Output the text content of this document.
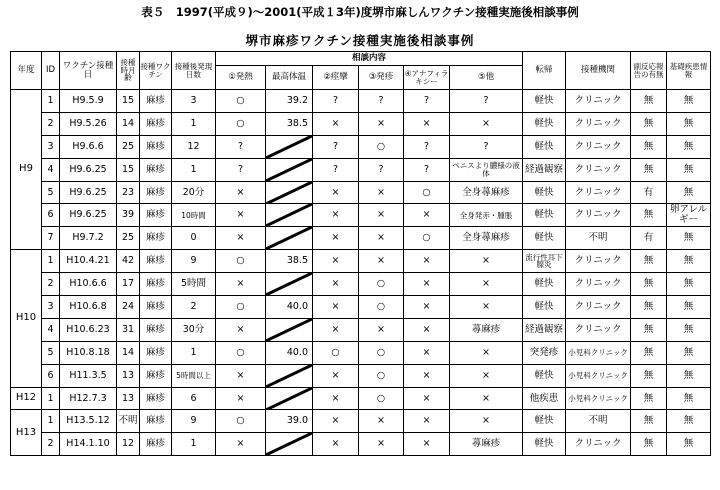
表５　1997(平成９)～2001(平成１3年)度堺市麻しんワクチン接種実施後相談事例
堺市麻疹ワクチン接種実施後相談事例
年度	ID	ワクチン接種日	接種時月齢	接種ワクチン	接種後発現日数	相談内容						転帰	接種機関	副反応報告の有無	基礎疾患情報
						①発熱	最高体温	②痙攣	③発疹	④アナフィラキシー	⑤他				
H9	1	H9.5.9	15	麻疹	3	○	39.2	?	?	?	?	軽快	クリニック	無	無
	2	H9.5.26	14	麻疹	1	○	38.5	×	×	×	×	軽快	クリニック	無	無
	3	H9.6.6	25	麻疹	12	?		?	○	?	?	軽快	クリニック	無	無
	4	H9.6.25	15	麻疹	1	?		?	?	?	ペニスより膿様の液体	経過観察	クリニック	無	無
	5	H9.6.25	23	麻疹	20分	×		×	×	○	全身蕁麻疹	軽快	クリニック	有	無
	6	H9.6.25	39	麻疹	10時間	×		×	×	×	全身発赤・腫脹	軽快	クリニック	無	卵アレルギー
	7	H9.7.2	25	麻疹	0	×		×	×	○	全身蕁麻疹	軽快	不明	有	無
H10	1	H10.4.21	42	麻疹	9	○	38.5	×	×	×	×	流行性耳下腺炎	クリニック	無	無
	2	H10.6.6	17	麻疹	5時間	×		×	○	×	×	軽快	クリニック	無	無
	3	H10.6.8	24	麻疹	2	○	40.0	×	○	×	×	軽快	クリニック	無	無
	4	H10.6.23	31	麻疹	30分	×		×	×	×	蕁麻疹	経過観察	クリニック	無	無
	5	H10.8.18	14	麻疹	1	○	40.0	○	○	×	×	突発疹	小児科クリニック	無	無
	6	H11.3.5	13	麻疹	5時間以上	×		×	○	×	×	軽快	小児科クリニック	無	無
H12	1	H12.7.3	13	麻疹	6	×		×	○	×	×	他疾患	小児科クリニック	無	無
H13	1	H13.5.12	不明	麻疹	9	○	39.0	×	×	×	×	軽快	不明	無	無
	2	H14.1.10	12	麻疹	1	×		×	×	×	蕁麻疹	軽快	クリニック	無	無
